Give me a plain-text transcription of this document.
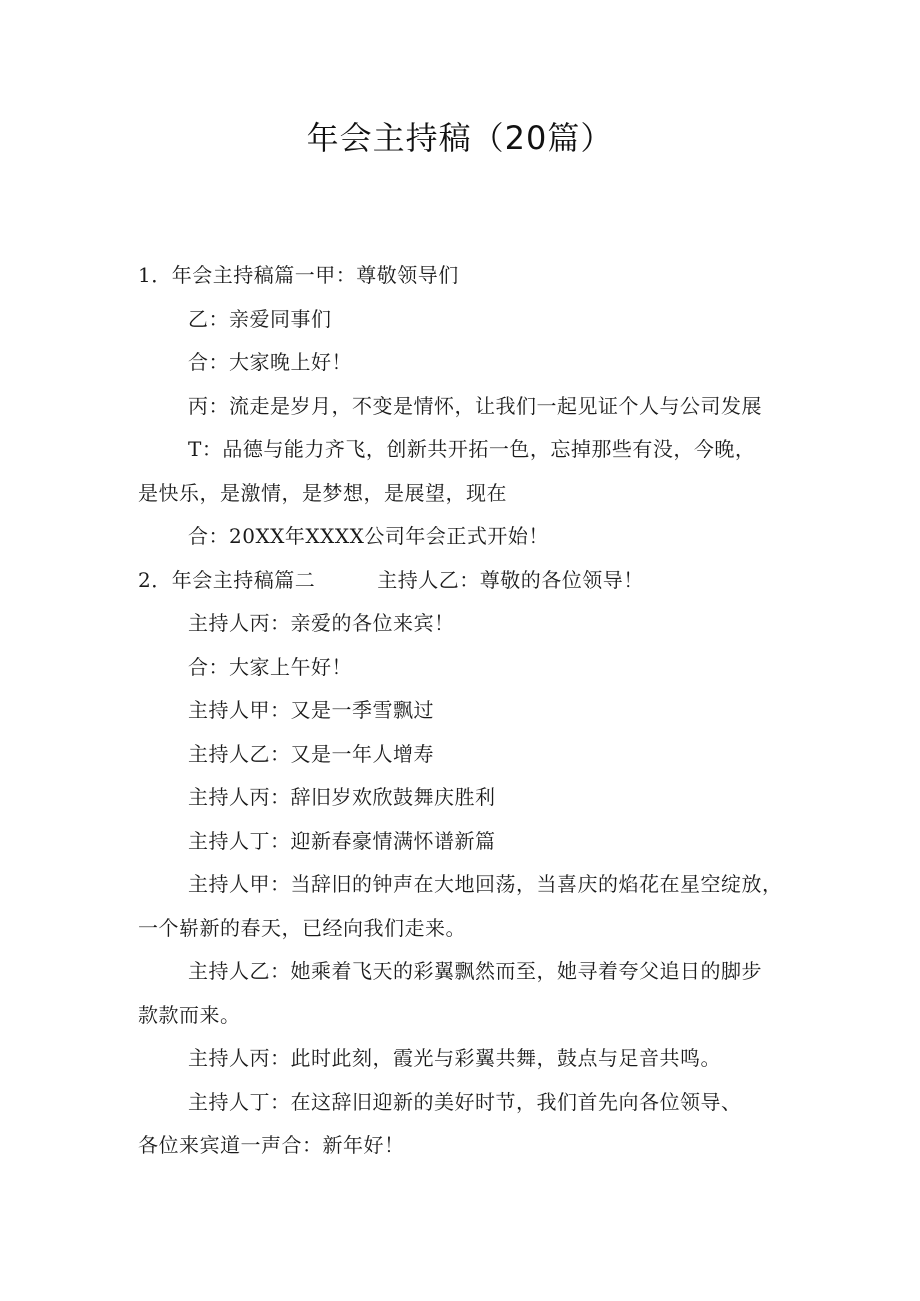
年会主持稿（20篇）
1．年会主持稿篇一甲：尊敬领导们
乙：亲爱同事们
合：大家晚上好！
丙：流走是岁月，不变是情怀，让我们一起见证个人与公司发展
T：品德与能力齐飞，创新共开拓一色，忘掉那些有没，今晚，
是快乐，是激情，是梦想，是展望，现在
合：20XX年XXXX公司年会正式开始！
2．年会主持稿篇二	主持人乙：尊敬的各位领导！
主持人丙：亲爱的各位来宾！
合：大家上午好！
主持人甲：又是一季雪飘过
主持人乙：又是一年人增寿
主持人丙：辞旧岁欢欣鼓舞庆胜利
主持人丁：迎新春豪情满怀谱新篇
主持人甲：当辞旧的钟声在大地回荡，当喜庆的焰花在星空绽放，
一个崭新的春天，已经向我们走来。
主持人乙：她乘着飞天的彩翼飘然而至，她寻着夸父追日的脚步
款款而来。
主持人丙：此时此刻，霞光与彩翼共舞，鼓点与足音共鸣。
主持人丁：在这辞旧迎新的美好时节，我们首先向各位领导、
各位来宾道一声合：新年好！
